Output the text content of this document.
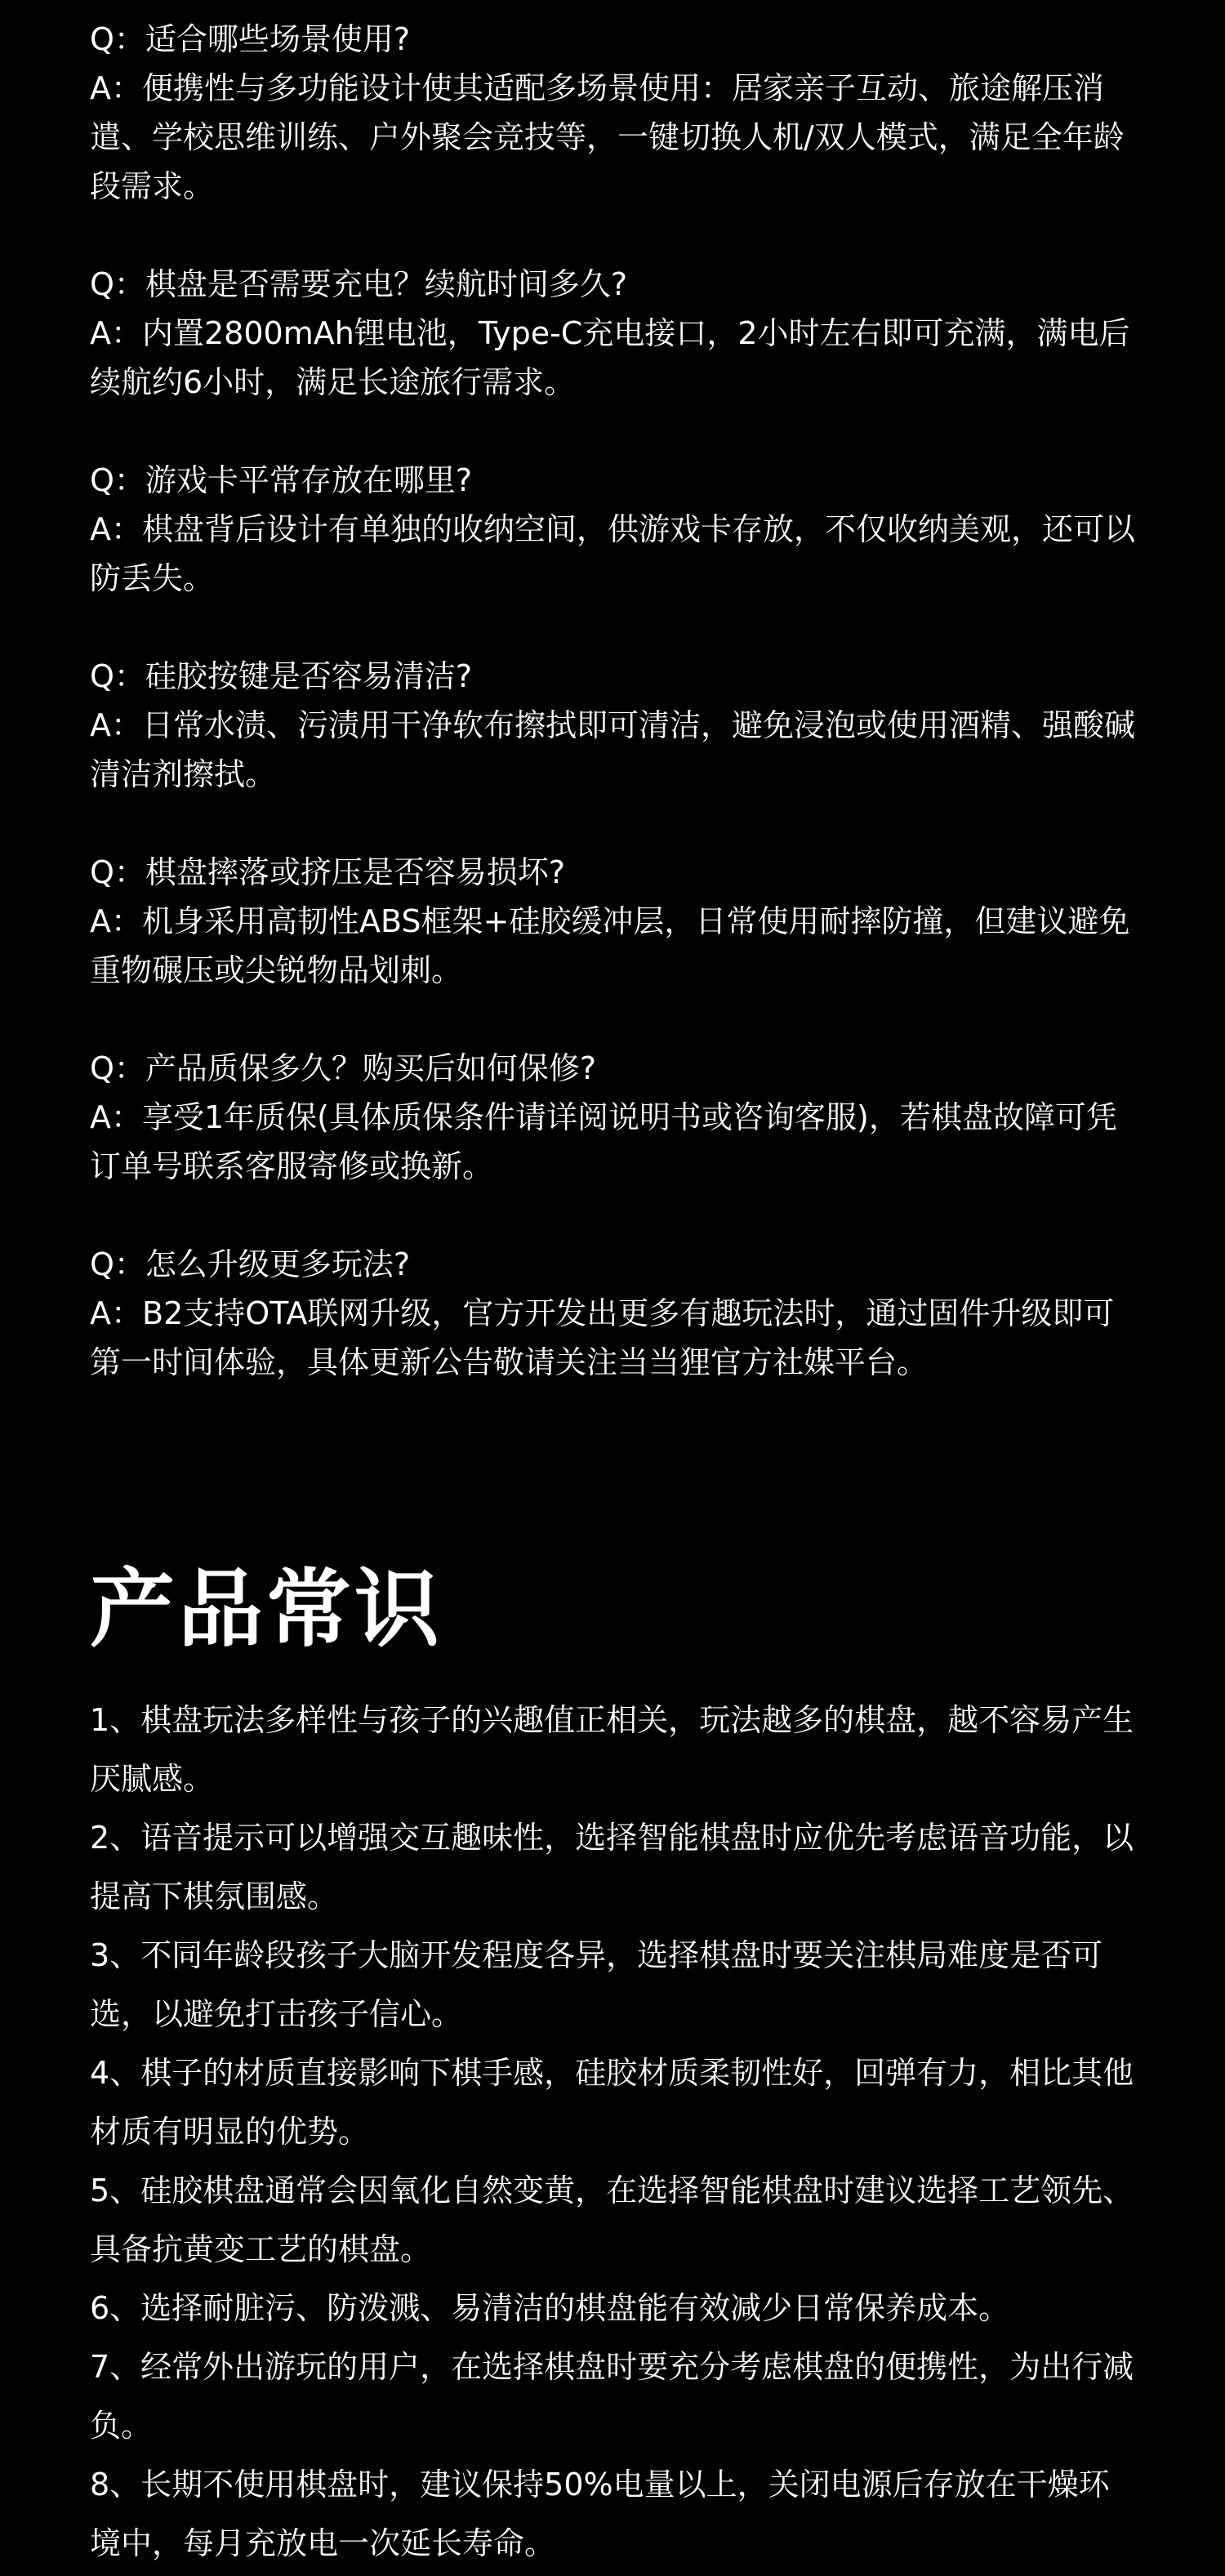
Q：适合哪些场景使用?

A：便携性与多功能设计使其适配多场景使用：居家亲子互动、旅途解压消遣、学校思维训练、户外聚会竞技等，一键切换人机/双人模式，满足全年龄段需求。

Q：棋盘是否需要充电？续航时间多久?

A：内置2800mAh锂电池，Type-C充电接口，2小时左右即可充满，满电后续航约6小时，满足长途旅行需求。

Q：游戏卡平常存放在哪里?

A：棋盘背后设计有单独的收纳空间，供游戏卡存放，不仅收纳美观，还可以防丢失。

Q：硅胶按键是否容易清洁?

A：日常水渍、污渍用干净软布擦拭即可清洁，避免浸泡或使用酒精、强酸碱清洁剂擦拭。

Q：棋盘摔落或挤压是否容易损坏?

A：机身采用高韧性ABS框架+硅胶缓冲层，日常使用耐摔防撞，但建议避免重物碾压或尖锐物品划刺。

Q：产品质保多久？购买后如何保修?

A：享受1年质保(具体质保条件请详阅说明书或咨询客服)，若棋盘故障可凭订单号联系客服寄修或换新。

Q：怎么升级更多玩法?

A：B2支持OTA联网升级，官方开发出更多有趣玩法时，通过固件升级即可第一时间体验，具体更新公告敬请关注当当狸官方社媒平台。

产品常识
1、棋盘玩法多样性与孩子的兴趣值正相关，玩法越多的棋盘，越不容易产生厌腻感。
2、语音提示可以增强交互趣味性，选择智能棋盘时应优先考虑语音功能，以提高下棋氛围感。
3、不同年龄段孩子大脑开发程度各异，选择棋盘时要关注棋局难度是否可选，以避免打击孩子信心。
4、棋子的材质直接影响下棋手感，硅胶材质柔韧性好，回弹有力，相比其他材质有明显的优势。
5、硅胶棋盘通常会因氧化自然变黄，在选择智能棋盘时建议选择工艺领先、具备抗黄变工艺的棋盘。
6、选择耐脏污、防泼溅、易清洁的棋盘能有效减少日常保养成本。
7、经常外出游玩的用户，在选择棋盘时要充分考虑棋盘的便携性，为出行减负。
8、长期不使用棋盘时，建议保持50%电量以上，关闭电源后存放在干燥环境中，每月充放电一次延长寿命。
